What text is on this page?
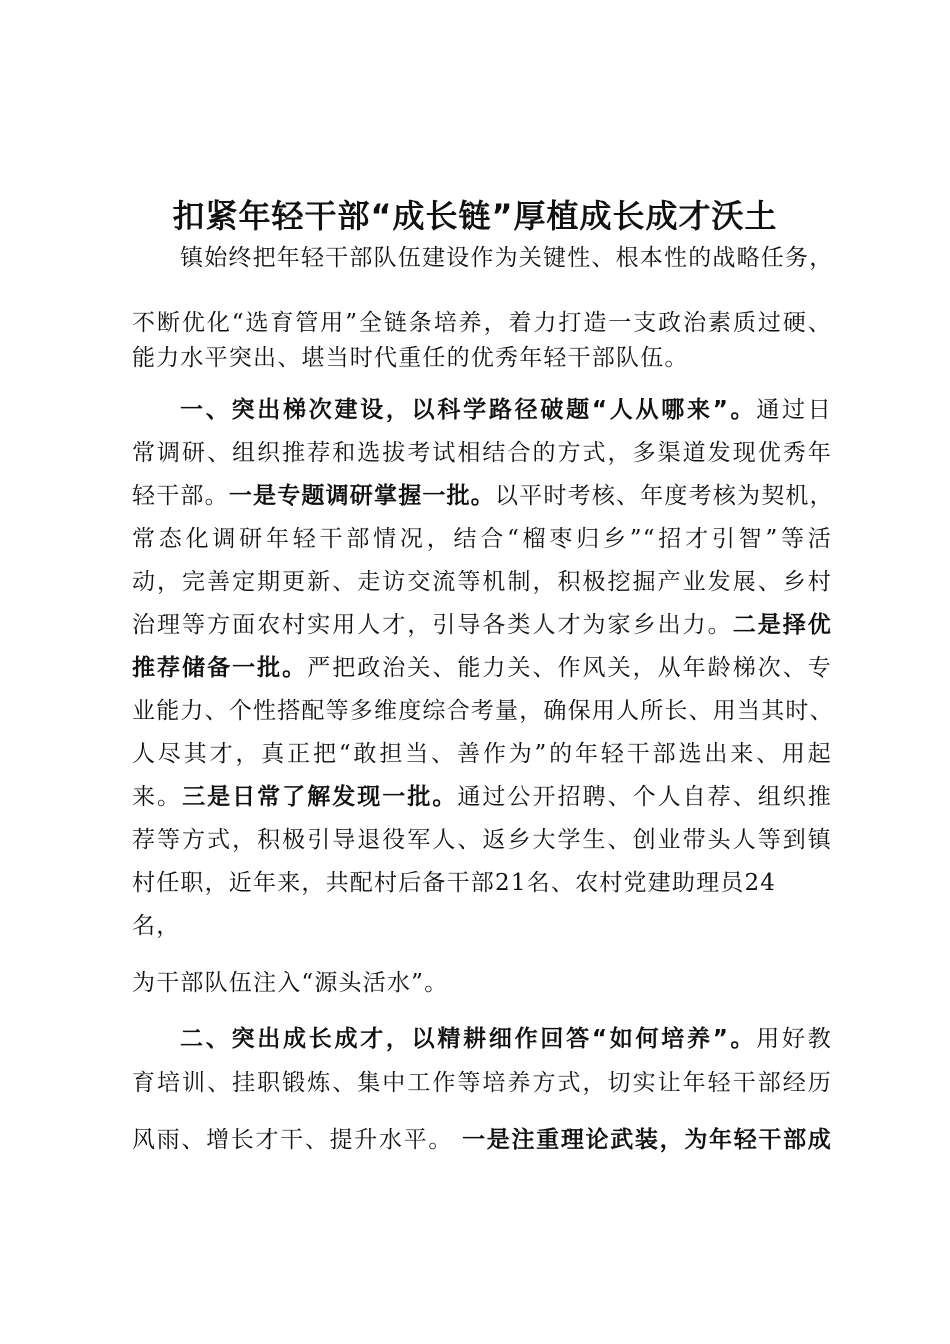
扣紧年轻干部“成长链”厚植成长成才沃土
镇始终把年轻干部队伍建设作为关键性、根本性的战略任务，
不断优化“选育管用”全链条培养，着力打造一支政治素质过硬、
能力水平突出、堪当时代重任的优秀年轻干部队伍。
一、突出梯次建设，以科学路径破题“人从哪来”。通过日
常调研、组织推荐和选拔考试相结合的方式，多渠道发现优秀年
轻干部。一是专题调研掌握一批。以平时考核、年度考核为契机，
常态化调研年轻干部情况，结合“榴枣归乡”“招才引智”等活
动，完善定期更新、走访交流等机制，积极挖掘产业发展、乡村
治理等方面农村实用人才，引导各类人才为家乡出力。二是择优
推荐储备一批。严把政治关、能力关、作风关，从年龄梯次、专
业能力、个性搭配等多维度综合考量，确保用人所长、用当其时、
人尽其才，真正把“敢担当、善作为”的年轻干部选出来、用起
来。三是日常了解发现一批。通过公开招聘、个人自荐、组织推
荐等方式，积极引导退役军人、返乡大学生、创业带头人等到镇
村任职，近年来，共配村后备干部21名、农村党建助理员24
名，
为干部队伍注入“源头活水”。
二、突出成长成才，以精耕细作回答“如何培养”。用好教
育培训、挂职锻炼、集中工作等培养方式，切实让年轻干部经历
风雨、增长才干、提升水平。 一是注重理论武装，为年轻干部成
